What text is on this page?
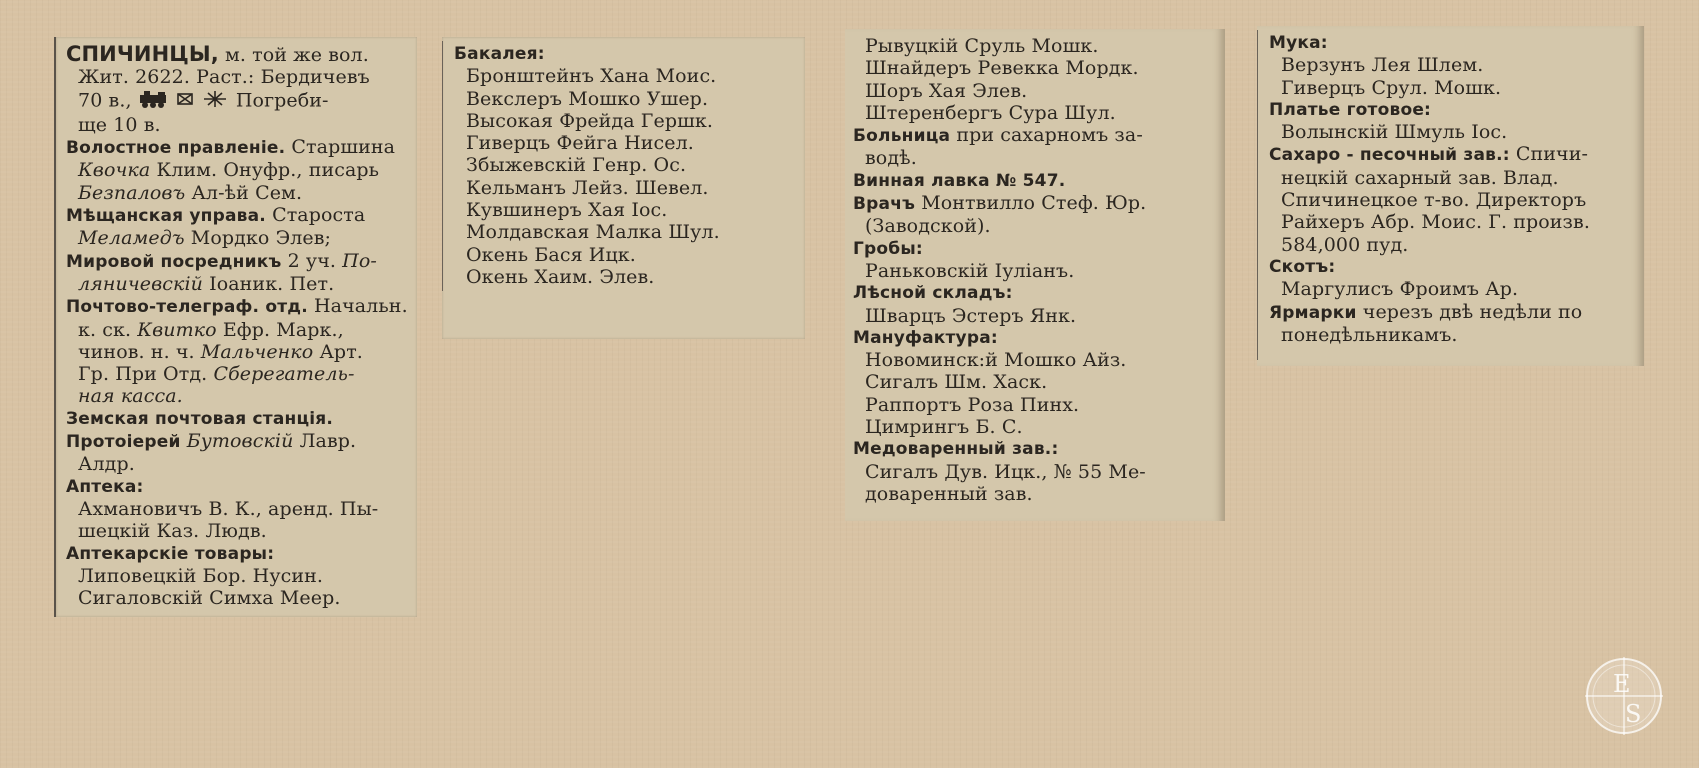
СПИЧИНЦЫ, м. той же вол.
Жит. 2622. Раст.: Бердичевъ
70 в.,	Погреби-
ще 10 в.
Волостное правленіе. Старшина
Квочка Клим. Онуфр., писарь
Безпаловъ Ал-ѣй Сем.
Мѣщанская управа. Староста
Меламедъ Мордко Элев;
Мировой посредникъ 2 уч. По-
ляничевскій Іоаник. Пет.
Почтово-телеграф. отд. Начальн.
к. ск. Квитко Ефр. Марк.,
чинов. н. ч. Мальченко Арт.
Гр. При Отд. Сберегатель-
ная касса.
Земская почтовая станція.
Протоіерей Бутовскій Лавр.
Алдр.
Аптека:
Ахмановичъ В. К., аренд. Пы-
шецкій Каз. Людв.
Аптекарскіе товары:
Липовецкій Бор. Нусин.
Сигаловскій Симха Меер.
Бакалея:
Бронштейнъ Хана Моис.
Векслеръ Мошко Ушер.
Высокая Фрейда Гершк.
Гиверцъ Фейга Нисел.
Збыжевскій Генр. Ос.
Кельманъ Лейз. Шевел.
Кувшинеръ Хая Іос.
Молдавская Малка Шул.
Окень Бася Ицк.
Окень Хаим. Элев.
Рывуцкій Сруль Мошк.
Шнайдеръ Ревекка Мордк.
Шоръ Хая Элев.
Штеренбергъ Сура Шул.
Больница при сахарномъ за-
водѣ.
Винная лавка № 547.
Врачъ Монтвилло Стеф. Юр.
(Заводской).
Гробы:
Раньковскій Іуліанъ.
Лѣсной складъ:
Шварцъ Эстеръ Янк.
Мануфактура:
Новоминск:й Мошко Айз.
Сигалъ Шм. Хаск.
Раппортъ Роза Пинх.
Цимрингъ Б. С.
Медоваренный зав.:
Сигалъ Дув. Ицк., № 55 Ме-
доваренный зав.
Мука:
Верзунъ Лея Шлем.
Гиверцъ Срул. Мошк.
Платье готовое:
Волынскій Шмуль Іос.
Сахаро - песочный зав.: Спичи-
нецкій сахарный зав. Влад.
Спичинецкое т-во. Директоръ
Райхеръ Абр. Моис. Г. произв.
584,000 пуд.
Скотъ:
Маргулисъ Фроимъ Ар.
Ярмарки черезъ двѣ недѣли по
понедѣльникамъ.
E
S
